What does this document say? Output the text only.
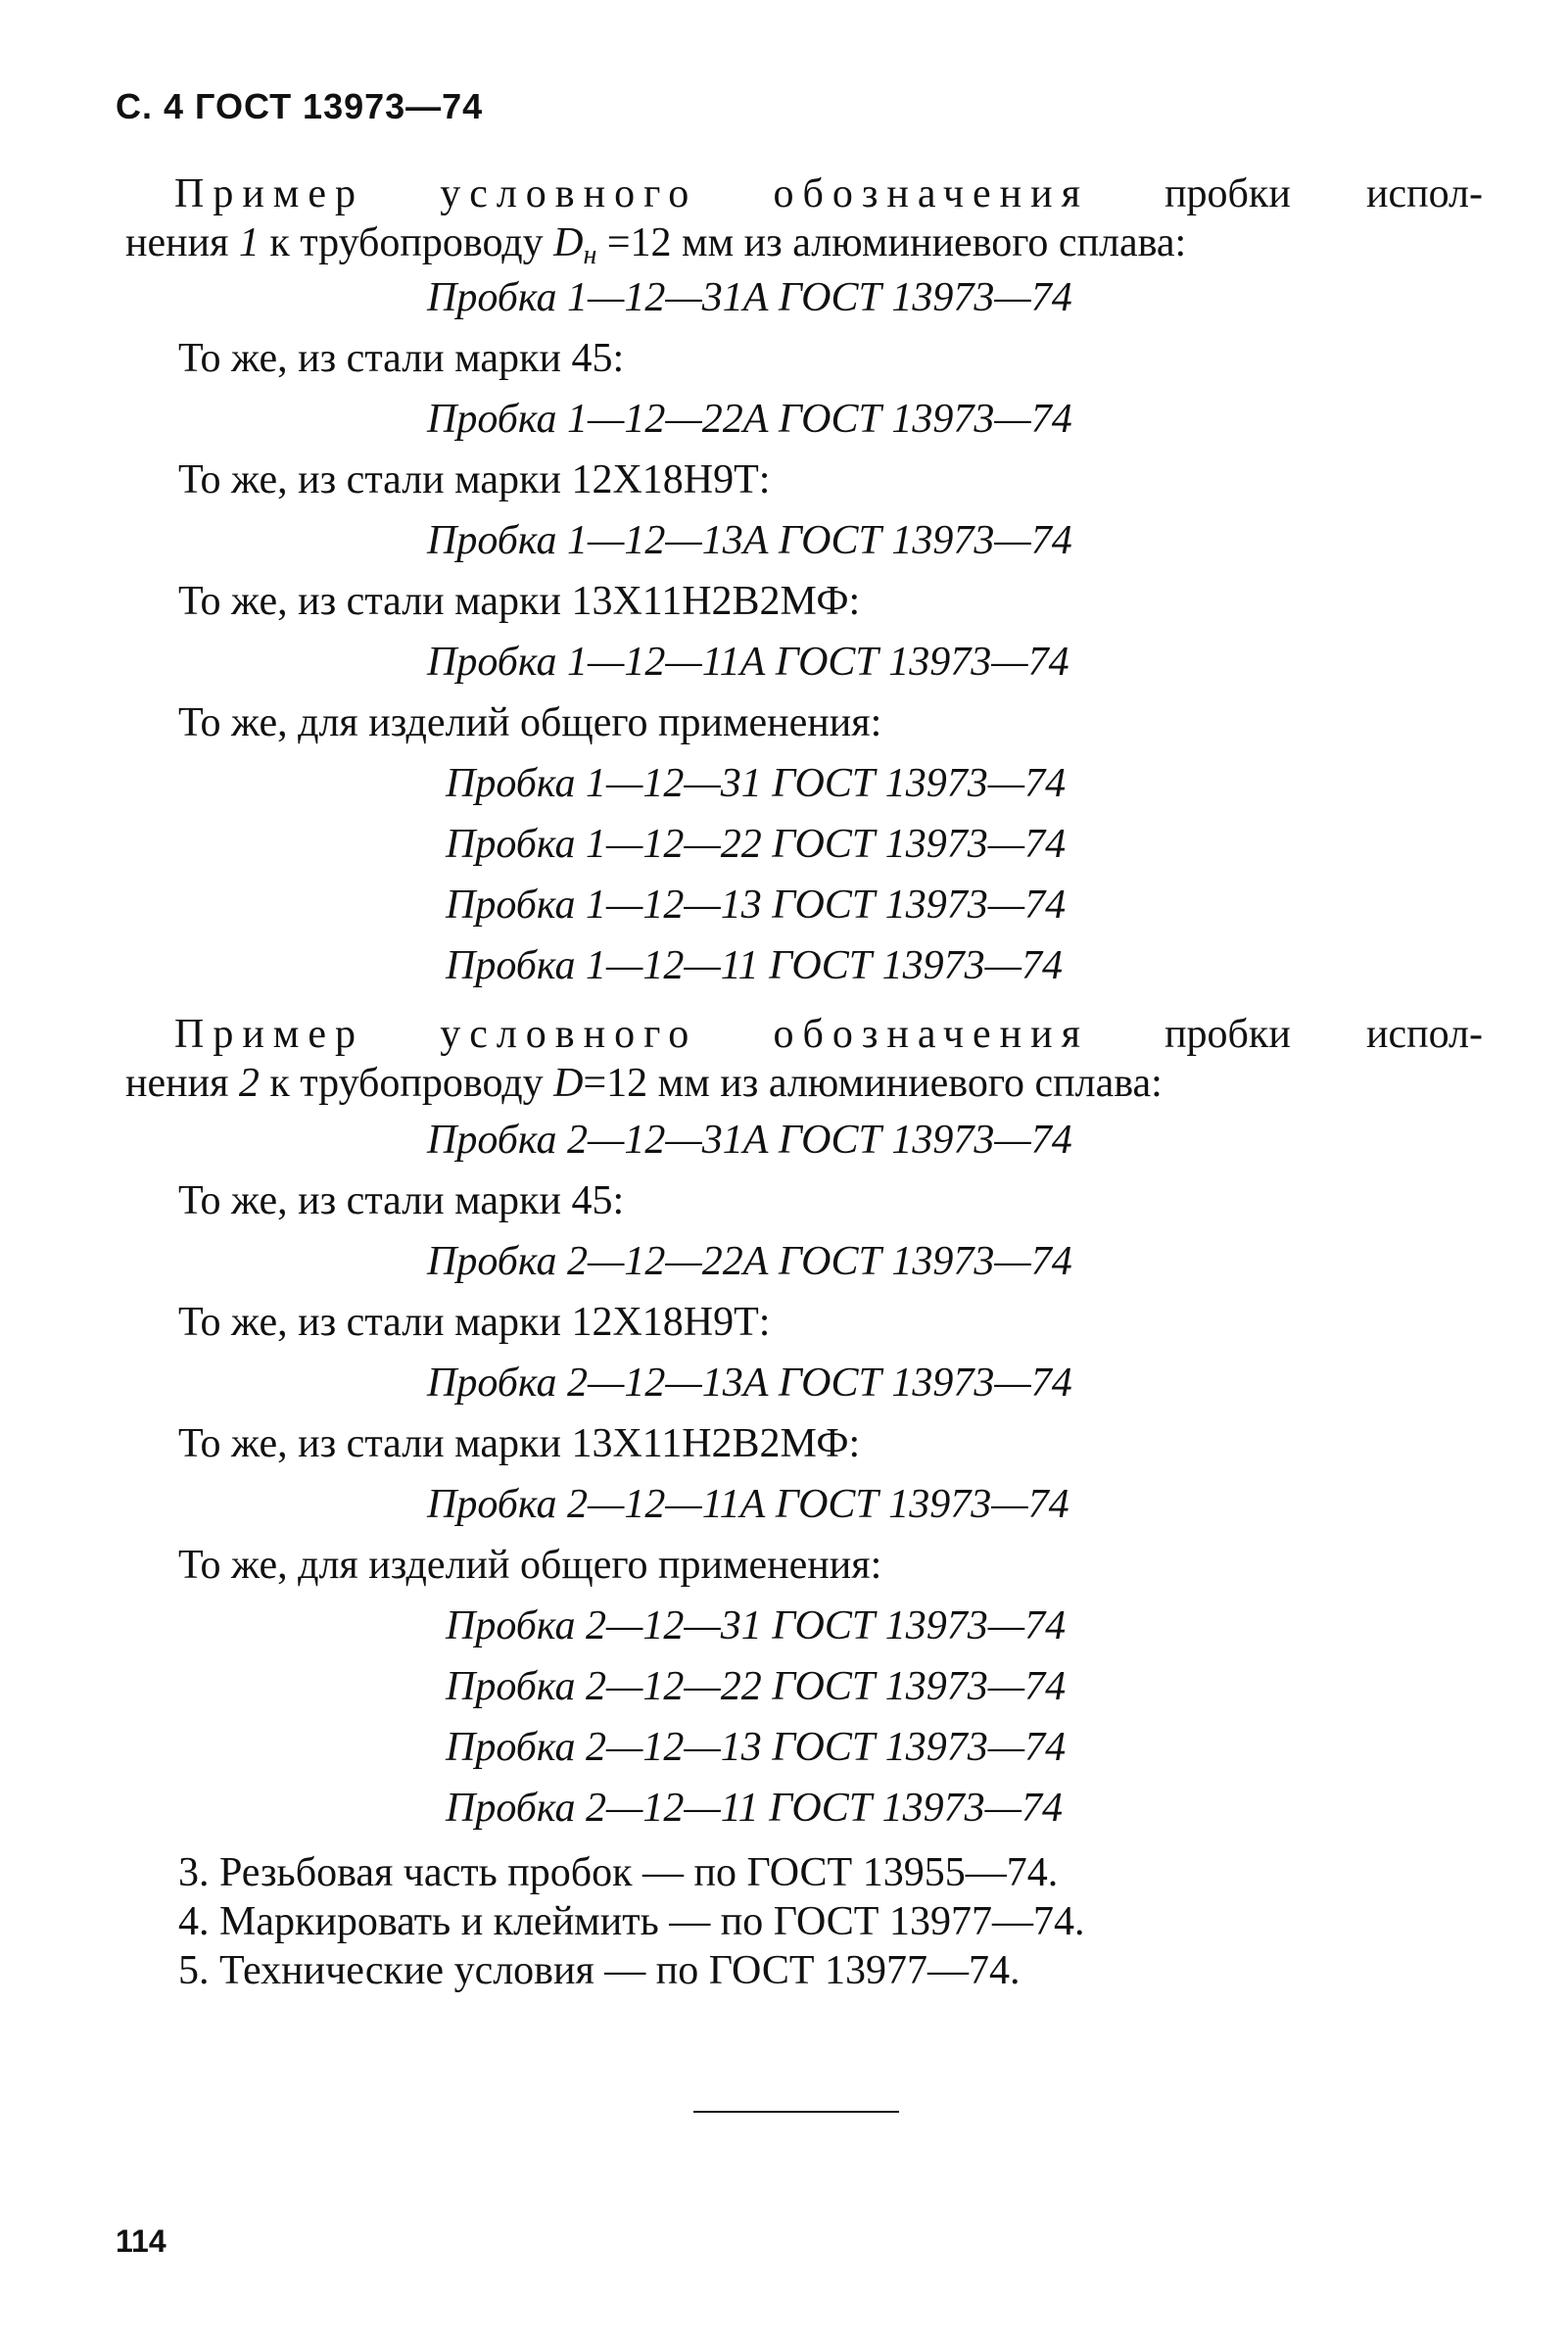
С. 4 ГОСТ 13973—74
Пример условного обозначения пробки испол-
нения 1 к трубопроводу $D_н =12$ мм из алюминиевого сплава:
Пробка 1—12—31А ГОСТ 13973—74
То же, из стали марки 45:
Пробка 1—12—22А ГОСТ 13973—74
То же, из стали марки 12Х18Н9Т:
Пробка 1—12—13А ГОСТ 13973—74
То же, из стали марки 13Х11Н2В2МФ:
Пробка 1—12—11А ГОСТ 13973—74
То же, для изделий общего применения:
Пробка 1—12—31 ГОСТ 13973—74
Пробка 1—12—22 ГОСТ 13973—74
Пробка 1—12—13 ГОСТ 13973—74
Пробка 1—12—11 ГОСТ 13973—74
Пример условного обозначения пробки испол-
нения 2 к трубопроводу D=12 мм из алюминиевого сплава:
Пробка 2—12—31А ГОСТ 13973—74
То же, из стали марки 45:
Пробка 2—12—22А ГОСТ 13973—74
То же, из стали марки 12Х18Н9Т:
Пробка 2—12—13А ГОСТ 13973—74
То же, из стали марки 13Х11Н2В2МФ:
Пробка 2—12—11А ГОСТ 13973—74
То же, для изделий общего применения:
Пробка 2—12—31 ГОСТ 13973—74
Пробка 2—12—22 ГОСТ 13973—74
Пробка 2—12—13 ГОСТ 13973—74
Пробка 2—12—11 ГОСТ 13973—74
3. Резьбовая часть пробок — по ГОСТ 13955—74.
4. Маркировать и клеймить — по ГОСТ 13977—74.
5. Технические условия — по ГОСТ 13977—74.
114
